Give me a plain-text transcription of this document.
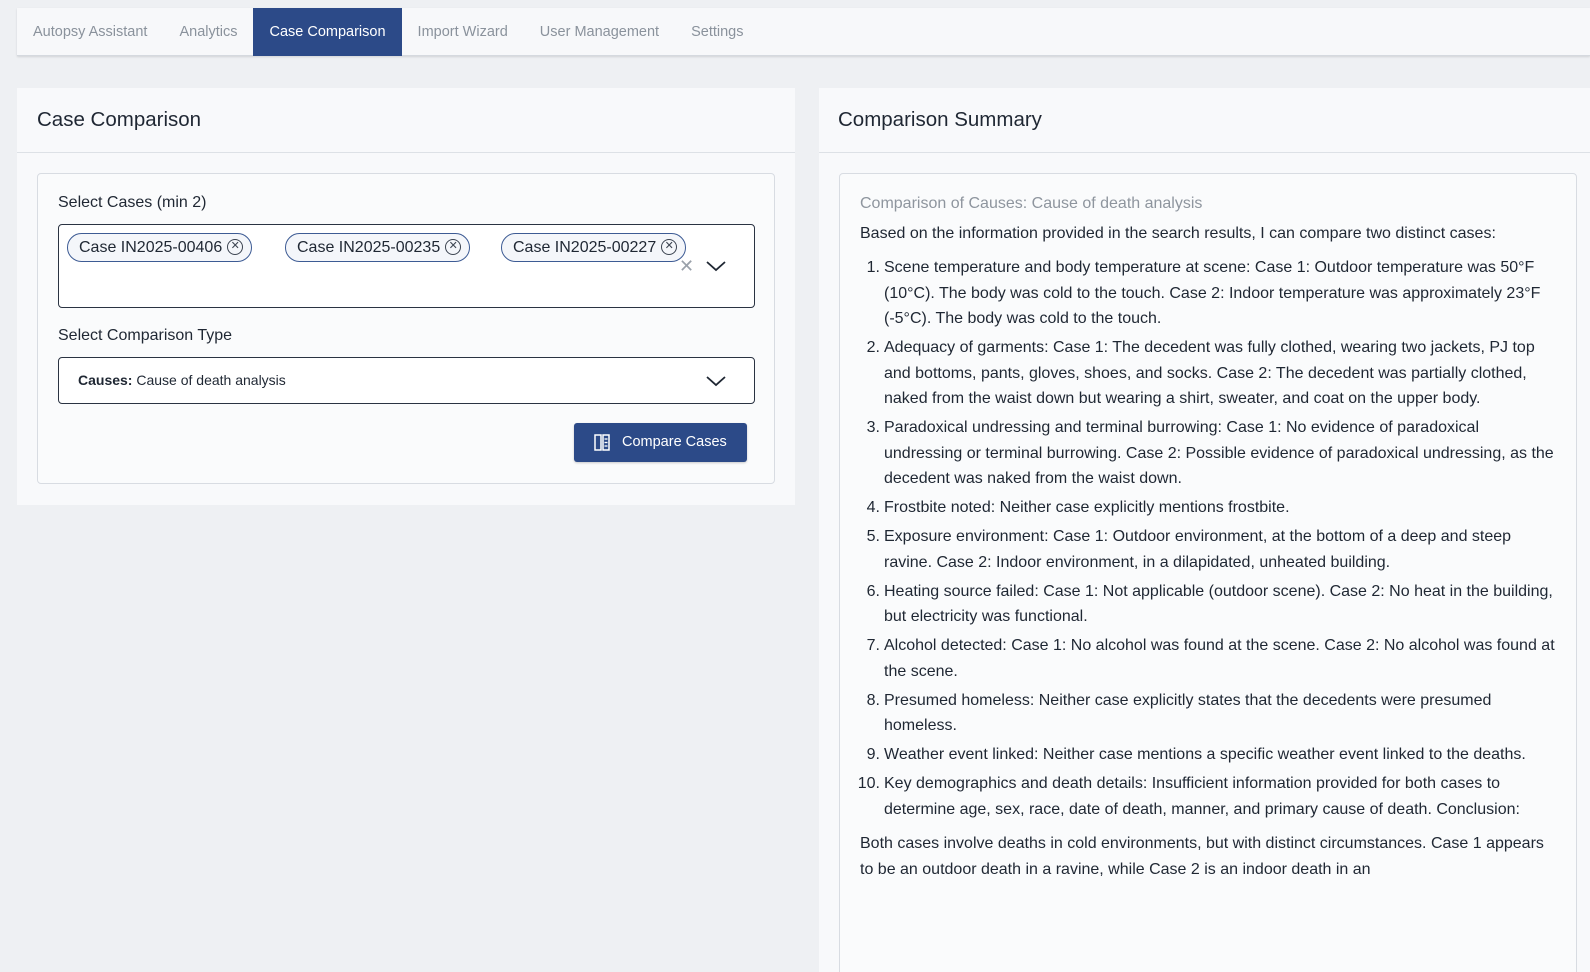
Autopsy Assistant	Analytics	Case Comparison	Import Wizard	User Management	Settings
Case Comparison
Select Cases (min 2)
Case IN2025-00406 ✕	Case IN2025-00235 ✕	Case IN2025-00227 ✕
✕
Select Comparison Type
Causes: Cause of death analysis
Compare Cases
Comparison Summary
Comparison of Causes: Cause of death analysis
Based on the information provided in the search results, I can compare two distinct cases:
1. Scene temperature and body temperature at scene: Case 1: Outdoor temperature was 50°F (10°C). The body was cold to the touch. Case 2: Indoor temperature was approximately 23°F (-5°C). The body was cold to the touch.
2. Adequacy of garments: Case 1: The decedent was fully clothed, wearing two jackets, PJ top and bottoms, pants, gloves, shoes, and socks. Case 2: The decedent was partially clothed, naked from the waist down but wearing a shirt, sweater, and coat on the upper body.
3. Paradoxical undressing and terminal burrowing: Case 1: No evidence of paradoxical undressing or terminal burrowing. Case 2: Possible evidence of paradoxical undressing, as the decedent was naked from the waist down.
4. Frostbite noted: Neither case explicitly mentions frostbite.
5. Exposure environment: Case 1: Outdoor environment, at the bottom of a deep and steep ravine. Case 2: Indoor environment, in a dilapidated, unheated building.
6. Heating source failed: Case 1: Not applicable (outdoor scene). Case 2: No heat in the building, but electricity was functional.
7. Alcohol detected: Case 1: No alcohol was found at the scene. Case 2: No alcohol was found at the scene.
8. Presumed homeless: Neither case explicitly states that the decedents were presumed homeless.
9. Weather event linked: Neither case mentions a specific weather event linked to the deaths.
10. Key demographics and death details: Insufficient information provided for both cases to determine age, sex, race, date of death, manner, and primary cause of death. Conclusion:
Both cases involve deaths in cold environments, but with distinct circumstances. Case 1 appears to be an outdoor death in a ravine, while Case 2 is an indoor death in an
